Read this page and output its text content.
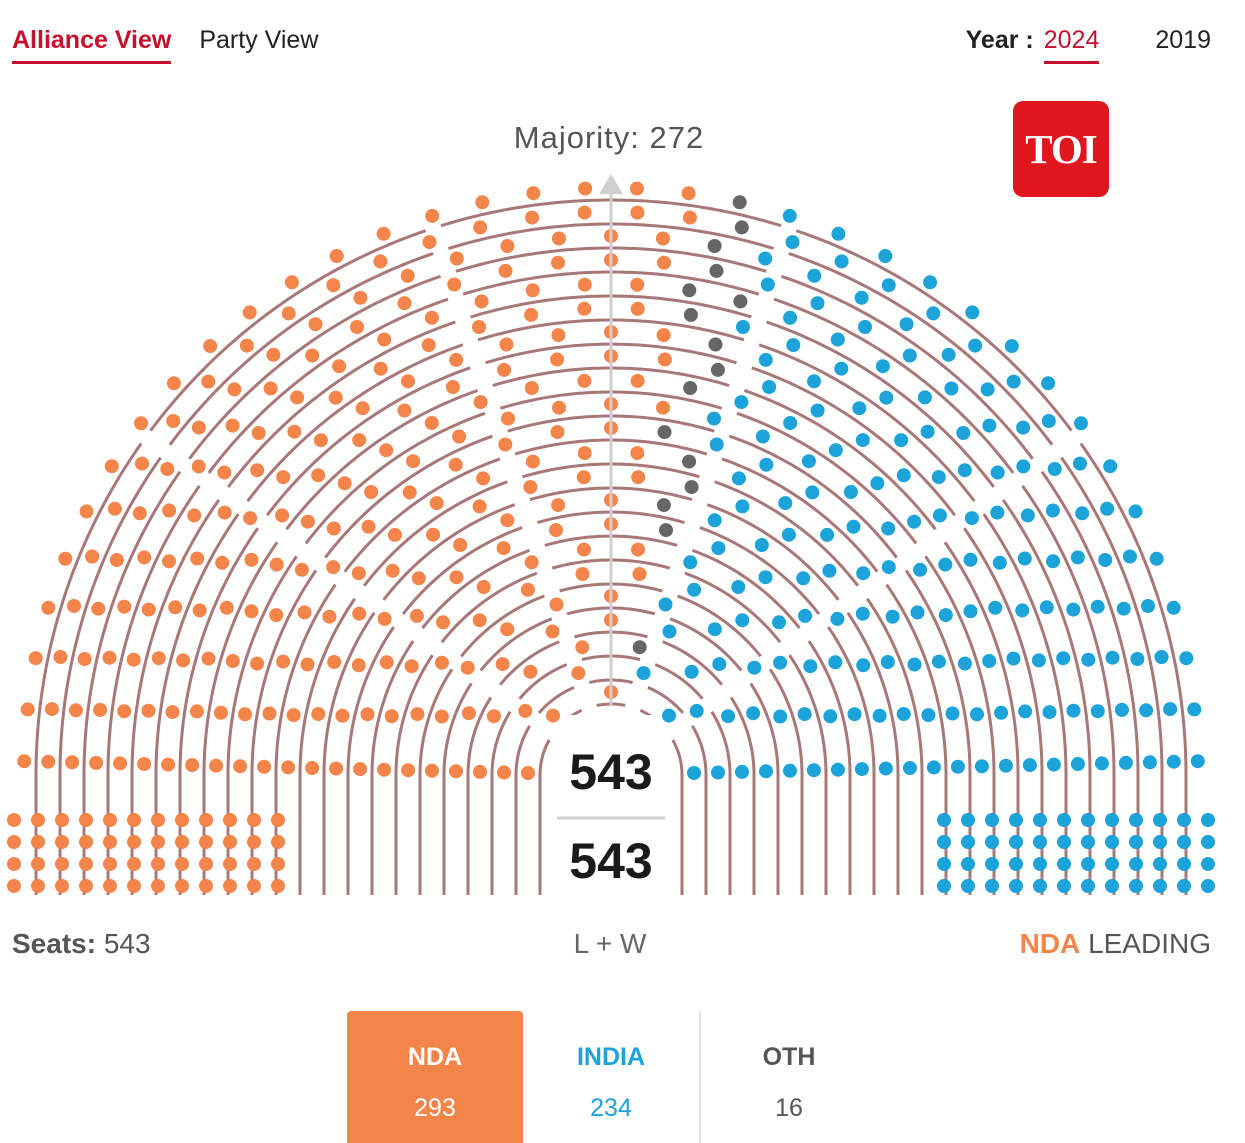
Alliance View Party View	Year : 2024 2019
TOI
Majority: 272
543
543
Seats: 543	L + W	NDA LEADING
NDA
293
INDIA
234
OTH
16
